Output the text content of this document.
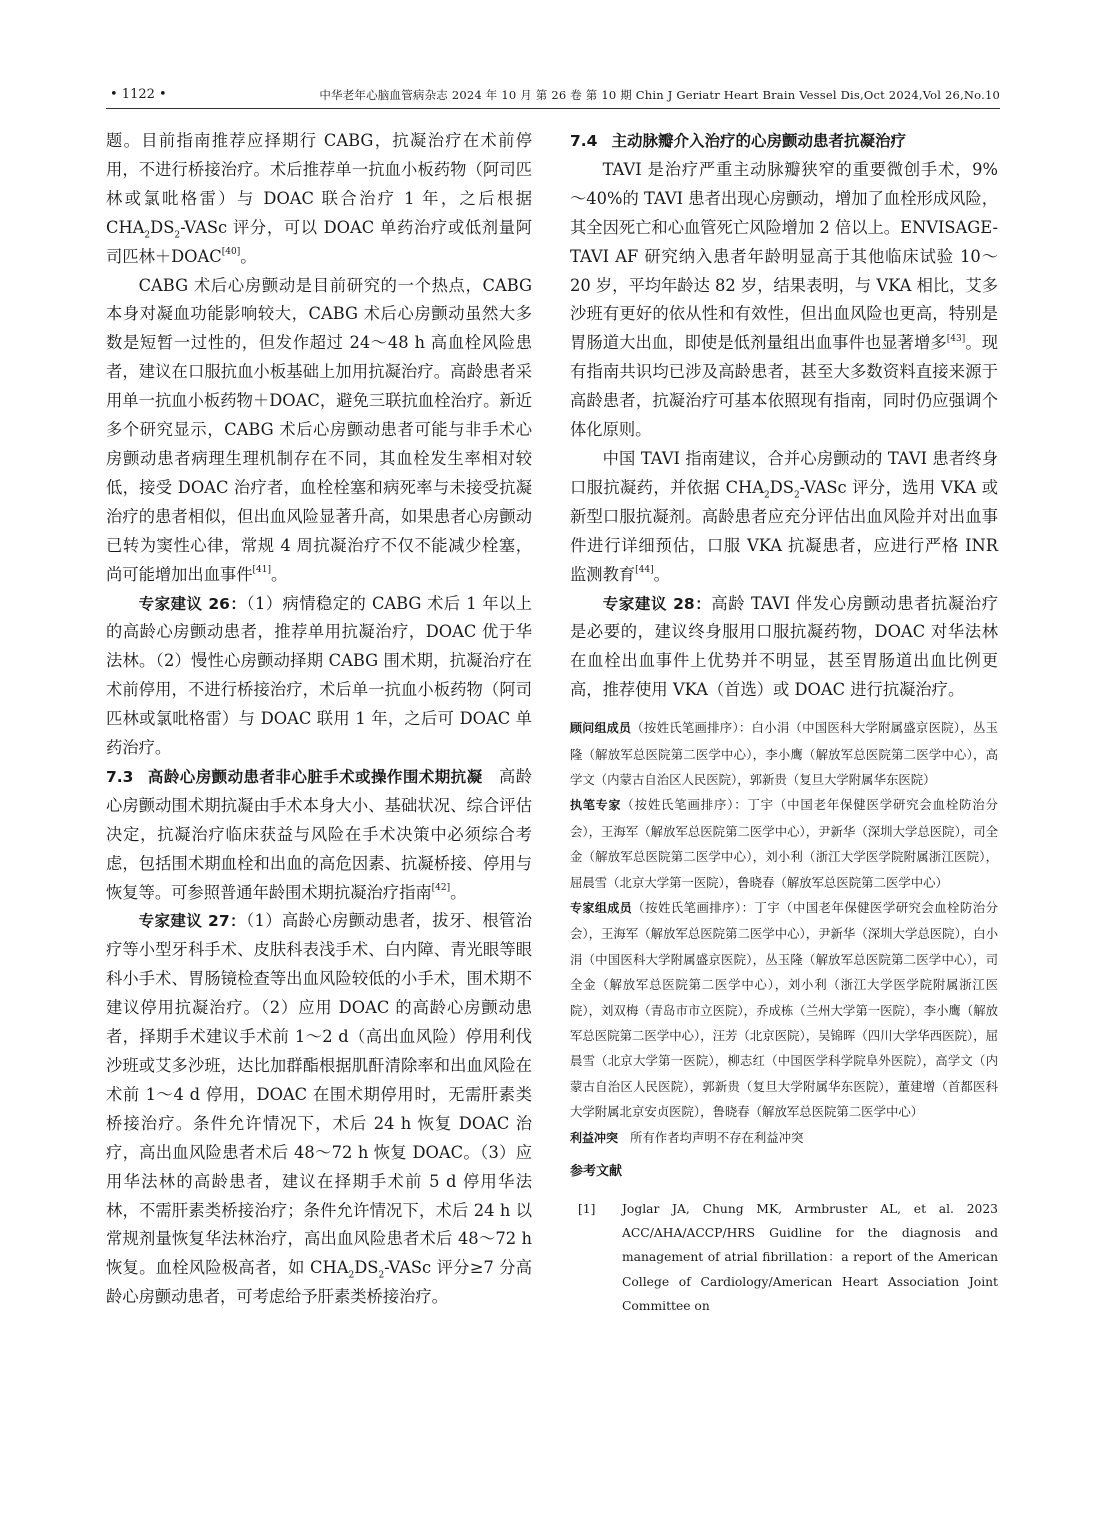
• 1122 •	中华老年心脑血管病杂志 2024 年 10 月 第 26 卷 第 10 期 Chin J Geriatr Heart Brain Vessel Dis,Oct 2024,Vol 26,No.10

题。目前指南推荐应择期行 CABG，抗凝治疗在术前停用，不进行桥接治疗。术后推荐单一抗血小板药物（阿司匹林或氯吡格雷）与 DOAC 联合治疗 1 年，之后根据 $CHA_2DS_2$-VASc 评分，可以 DOAC 单药治疗或低剂量阿司匹林＋DOAC[40]。

CABG 术后心房颤动是目前研究的一个热点，CABG 本身对凝血功能影响较大，CABG 术后心房颤动虽然大多数是短暂一过性的，但发作超过 24～48 h 高血栓风险患者，建议在口服抗血小板基础上加用抗凝治疗。高龄患者采用单一抗血小板药物＋DOAC，避免三联抗血栓治疗。新近多个研究显示，CABG 术后心房颤动患者可能与非手术心房颤动患者病理生理机制存在不同，其血栓发生率相对较低，接受 DOAC 治疗者，血栓栓塞和病死率与未接受抗凝治疗的患者相似，但出血风险显著升高，如果患者心房颤动已转为窦性心律，常规 4 周抗凝治疗不仅不能减少栓塞，尚可能增加出血事件[41]。

专家建议 26：（1）病情稳定的 CABG 术后 1 年以上的高龄心房颤动患者，推荐单用抗凝治疗，DOAC 优于华法林。（2）慢性心房颤动择期 CABG 围术期，抗凝治疗在术前停用，不进行桥接治疗，术后单一抗血小板药物（阿司匹林或氯吡格雷）与 DOAC 联用 1 年，之后可 DOAC 单药治疗。

7.3 高龄心房颤动患者非心脏手术或操作围术期抗凝  高龄心房颤动围术期抗凝由手术本身大小、基础状况、综合评估决定，抗凝治疗临床获益与风险在手术决策中必须综合考虑，包括围术期血栓和出血的高危因素、抗凝桥接、停用与恢复等。可参照普通年龄围术期抗凝治疗指南[42]。

专家建议 27：（1）高龄心房颤动患者，拔牙、根管治疗等小型牙科手术、皮肤科表浅手术、白内障、青光眼等眼科小手术、胃肠镜检查等出血风险较低的小手术，围术期不建议停用抗凝治疗。（2）应用 DOAC 的高龄心房颤动患者，择期手术建议手术前 1～2 d（高出血风险）停用利伐沙班或艾多沙班，达比加群酯根据肌酐清除率和出血风险在术前 1～4 d 停用，DOAC 在围术期停用时，无需肝素类桥接治疗。条件允许情况下，术后 24 h 恢复 DOAC 治疗，高出血风险患者术后 48～72 h 恢复 DOAC。（3）应用华法林的高龄患者，建议在择期手术前 5 d 停用华法林，不需肝素类桥接治疗；条件允许情况下，术后 24 h 以常规剂量恢复华法林治疗，高出血风险患者术后 48～72 h 恢复。血栓风险极高者，如 $CHA_2DS_2$-VASc 评分≥7 分高龄心房颤动患者，可考虑给予肝素类桥接治疗。

7.4 主动脉瓣介入治疗的心房颤动患者抗凝治疗

TAVI 是治疗严重主动脉瓣狭窄的重要微创手术，9%～40%的 TAVI 患者出现心房颤动，增加了血栓形成风险，其全因死亡和心血管死亡风险增加 2 倍以上。ENVISAGE-TAVI AF 研究纳入患者年龄明显高于其他临床试验 10～20 岁，平均年龄达 82 岁，结果表明，与 VKA 相比，艾多沙班有更好的依从性和有效性，但出血风险也更高，特别是胃肠道大出血，即使是低剂量组出血事件也显著增多[43]。现有指南共识均已涉及高龄患者，甚至大多数资料直接来源于高龄患者，抗凝治疗可基本依照现有指南，同时仍应强调个体化原则。

中国 TAVI 指南建议，合并心房颤动的 TAVI 患者终身口服抗凝药，并依据 $CHA_2DS_2$-VASc 评分，选用 VKA 或新型口服抗凝剂。高龄患者应充分评估出血风险并对出血事件进行详细预估，口服 VKA 抗凝患者，应进行严格 INR 监测教育[44]。

专家建议 28：高龄 TAVI 伴发心房颤动患者抗凝治疗是必要的，建议终身服用口服抗凝药物，DOAC 对华法林在血栓出血事件上优势并不明显，甚至胃肠道出血比例更高，推荐使用 VKA（首选）或 DOAC 进行抗凝治疗。

顾问组成员（按姓氏笔画排序）：白小涓（中国医科大学附属盛京医院），丛玉隆（解放军总医院第二医学中心），李小鹰（解放军总医院第二医学中心），高学文（内蒙古自治区人民医院），郭新贵（复旦大学附属华东医院）

执笔专家（按姓氏笔画排序）：丁宇（中国老年保健医学研究会血栓防治分会），王海军（解放军总医院第二医学中心），尹新华（深圳大学总医院），司全金（解放军总医院第二医学中心），刘小利（浙江大学医学院附属浙江医院），屈晨雪（北京大学第一医院），鲁晓春（解放军总医院第二医学中心）

专家组成员（按姓氏笔画排序）：丁宇（中国老年保健医学研究会血栓防治分会），王海军（解放军总医院第二医学中心），尹新华（深圳大学总医院），白小涓（中国医科大学附属盛京医院），丛玉隆（解放军总医院第二医学中心），司全金（解放军总医院第二医学中心），刘小利（浙江大学医学院附属浙江医院），刘双梅（青岛市市立医院），乔成栋（兰州大学第一医院），李小鹰（解放军总医院第二医学中心），汪芳（北京医院），吴锦晖（四川大学华西医院），屈晨雪（北京大学第一医院），柳志红（中国医学科学院阜外医院），高学文（内蒙古自治区人民医院），郭新贵（复旦大学附属华东医院），董建增（首都医科大学附属北京安贞医院），鲁晓春（解放军总医院第二医学中心）

利益冲突 所有作者均声明不存在利益冲突
参考文献
[1]	Joglar JA, Chung MK, Armbruster AL, et al. 2023 ACC/AHA/ACCP/HRS Guidline for the diagnosis and management of atrial fibrillation：a report of the American College of Cardiology/American Heart Association Joint Committee on
